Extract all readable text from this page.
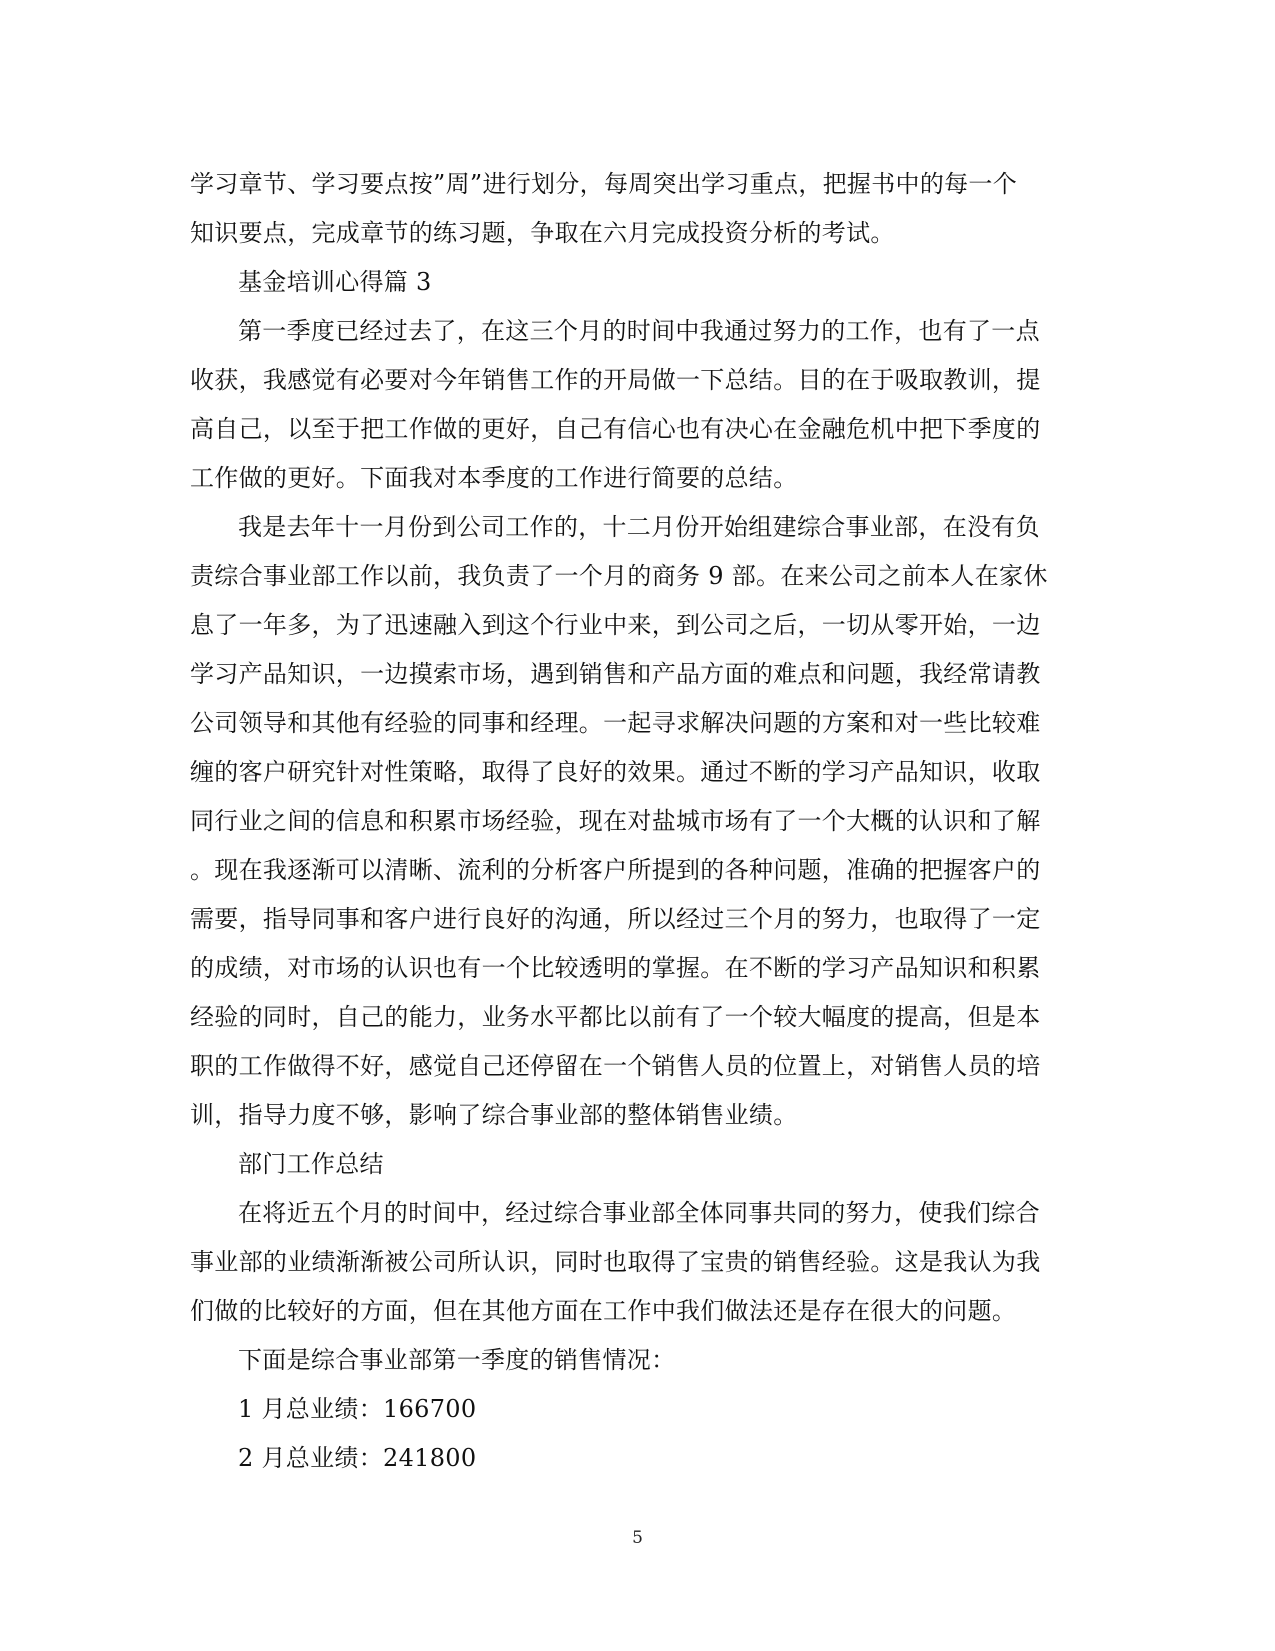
学习章节、学习要点按”周”进行划分，每周突出学习重点，把握书中的每一个
知识要点，完成章节的练习题，争取在六月完成投资分析的考试。
基金培训心得篇 3
第一季度已经过去了，在这三个月的时间中我通过努力的工作，也有了一点
收获，我感觉有必要对今年销售工作的开局做一下总结。目的在于吸取教训，提
高自己，以至于把工作做的更好，自己有信心也有决心在金融危机中把下季度的
工作做的更好。下面我对本季度的工作进行简要的总结。
我是去年十一月份到公司工作的，十二月份开始组建综合事业部，在没有负
责综合事业部工作以前，我负责了一个月的商务 9 部。在来公司之前本人在家休
息了一年多，为了迅速融入到这个行业中来，到公司之后，一切从零开始，一边
学习产品知识，一边摸索市场，遇到销售和产品方面的难点和问题，我经常请教
公司领导和其他有经验的同事和经理。一起寻求解决问题的方案和对一些比较难
缠的客户研究针对性策略，取得了良好的效果。通过不断的学习产品知识，收取
同行业之间的信息和积累市场经验，现在对盐城市场有了一个大概的认识和了解
。现在我逐渐可以清晰、流利的分析客户所提到的各种问题，准确的把握客户的
需要，指导同事和客户进行良好的沟通，所以经过三个月的努力，也取得了一定
的成绩，对市场的认识也有一个比较透明的掌握。在不断的学习产品知识和积累
经验的同时，自己的能力，业务水平都比以前有了一个较大幅度的提高，但是本
职的工作做得不好，感觉自己还停留在一个销售人员的位置上，对销售人员的培
训，指导力度不够，影响了综合事业部的整体销售业绩。
部门工作总结
在将近五个月的时间中，经过综合事业部全体同事共同的努力，使我们综合
事业部的业绩渐渐被公司所认识，同时也取得了宝贵的销售经验。这是我认为我
们做的比较好的方面，但在其他方面在工作中我们做法还是存在很大的问题。
下面是综合事业部第一季度的销售情况：
1 月总业绩：166700
2 月总业绩：241800
5
